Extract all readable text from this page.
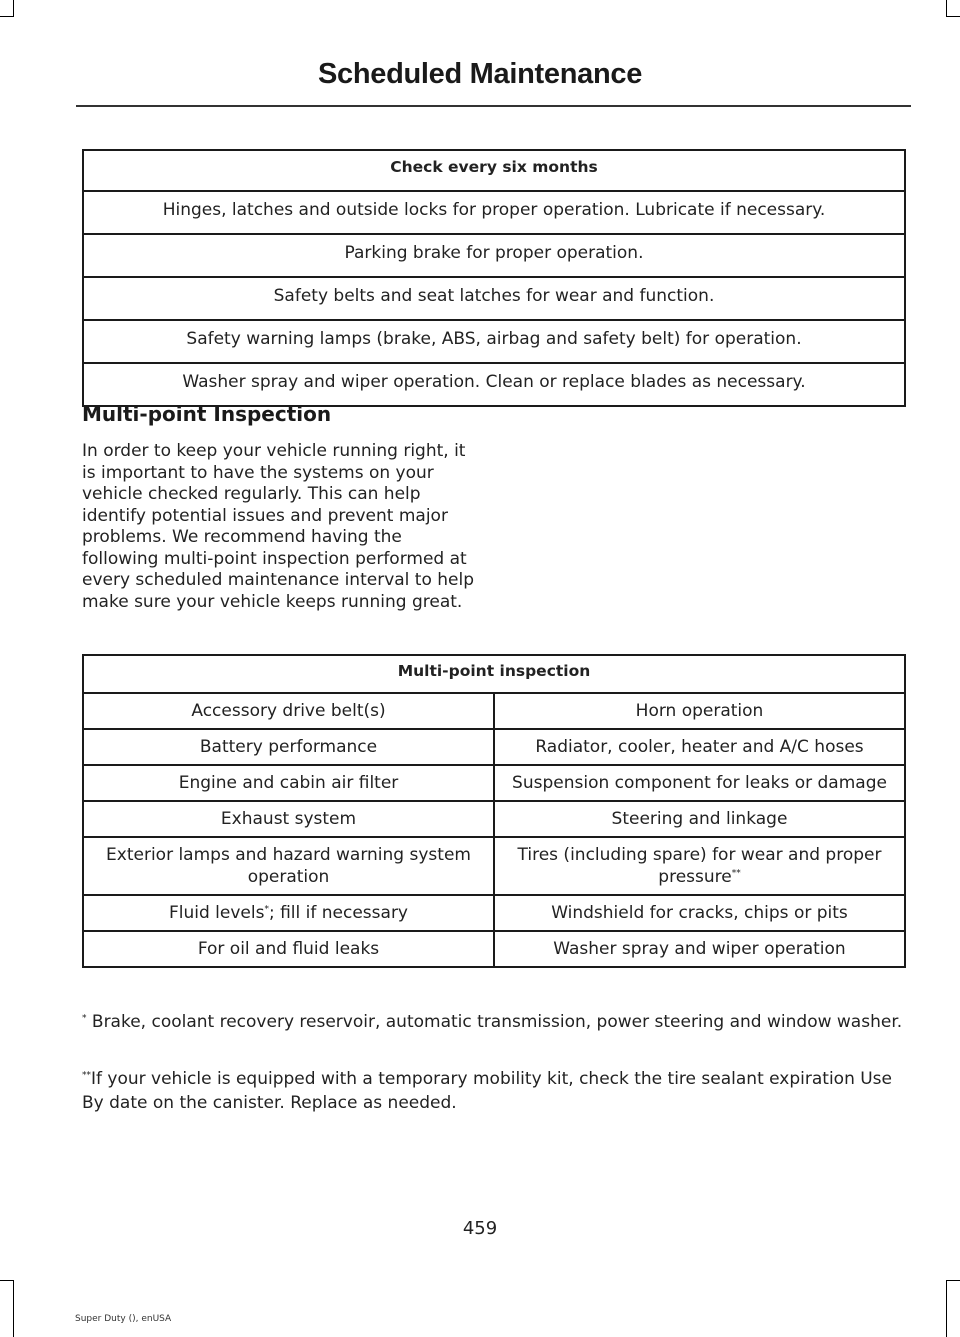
Scheduled Maintenance
Check every six months
Hinges, latches and outside locks for proper operation. Lubricate if necessary.
Parking brake for proper operation.
Safety belts and seat latches for wear and function.
Safety warning lamps (brake, ABS, airbag and safety belt) for operation.
Washer spray and wiper operation. Clean or replace blades as necessary.
Multi-point Inspection

In order to keep your vehicle running right, it is important to have the systems on your vehicle checked regularly. This can help identify potential issues and prevent major problems. We recommend having the following multi-point inspection performed at every scheduled maintenance interval to help make sure your vehicle keeps running great.

Multi-point inspection	
Accessory drive belt(s)	Horn operation
Battery performance	Radiator, cooler, heater and A/C hoses
Engine and cabin air filter	Suspension component for leaks or damage
Exhaust system	Steering and linkage
Exterior lamps and hazard warning system operation	Tires (including spare) for wear and proper pressure**
Fluid levels*; fill if necessary	Windshield for cracks, chips or pits
For oil and fluid leaks	Washer spray and wiper operation

* Brake, coolant recovery reservoir, automatic transmission, power steering and window washer.

**If your vehicle is equipped with a temporary mobility kit, check the tire sealant expiration Use By date on the canister. Replace as needed.

459
Super Duty (), enUSA
